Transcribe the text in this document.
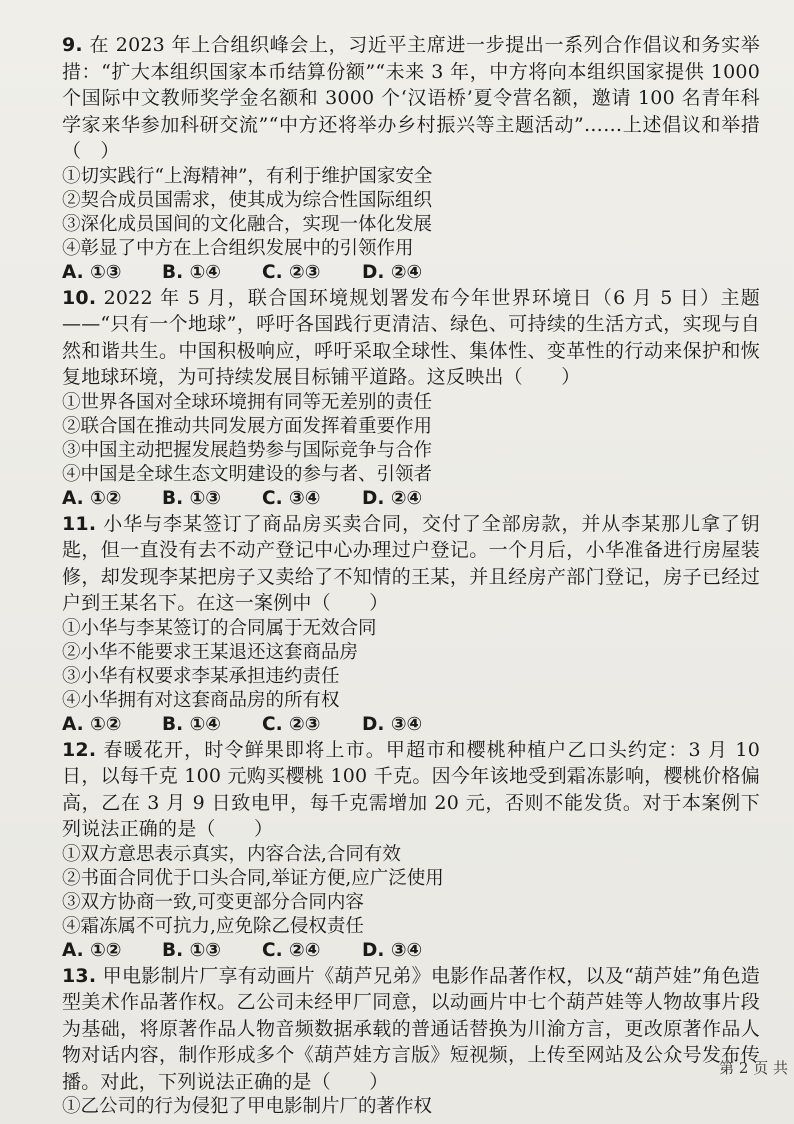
9. 在 2023 年上合组织峰会上，习近平主席进一步提出一系列合作倡议和务实举措：“扩大本组织国家本币结算份额”“未来 3 年，中方将向本组织国家提供 1000 个国际中文教师奖学金名额和 3000 个‘汉语桥’夏令营名额，邀请 100 名青年科学家来华参加科研交流”“中方还将举办乡村振兴等主题活动”……上述倡议和举措（　）

①切实践行“上海精神”，有利于维护国家安全

②契合成员国需求，使其成为综合性国际组织

③深化成员国间的文化融合，实现一体化发展

④彰显了中方在上合组织发展中的引领作用

A. ①③	B. ①④	C. ②③	D. ②④

10. 2022 年 5 月，联合国环境规划署发布今年世界环境日（6 月 5 日）主题——“只有一个地球”，呼吁各国践行更清洁、绿色、可持续的生活方式，实现与自然和谐共生。中国积极响应，呼吁采取全球性、集体性、变革性的行动来保护和恢复地球环境，为可持续发展目标铺平道路。这反映出（　　）

①世界各国对全球环境拥有同等无差别的责任

②联合国在推动共同发展方面发挥着重要作用

③中国主动把握发展趋势参与国际竞争与合作

④中国是全球生态文明建设的参与者、引领者

A. ①②	B. ①③	C. ③④	D. ②④

11. 小华与李某签订了商品房买卖合同，交付了全部房款，并从李某那儿拿了钥匙，但一直没有去不动产登记中心办理过户登记。一个月后，小华准备进行房屋装修，却发现李某把房子又卖给了不知情的王某，并且经房产部门登记，房子已经过户到王某名下。在这一案例中（　　）

①小华与李某签订的合同属于无效合同

②小华不能要求王某退还这套商品房

③小华有权要求李某承担违约责任

④小华拥有对这套商品房的所有权

A. ①②	B. ①④	C. ②③	D. ③④

12. 春暖花开，时令鲜果即将上市。甲超市和樱桃种植户乙口头约定：3 月 10 日，以每千克 100 元购买樱桃 100 千克。因今年该地受到霜冻影响，樱桃价格偏高，乙在 3 月 9 日致电甲，每千克需增加 20 元，否则不能发货。对于本案例下列说法正确的是（　　）

①双方意思表示真实，内容合法,合同有效

②书面合同优于口头合同,举证方便,应广泛使用

③双方协商一致,可变更部分合同内容

④霜冻属不可抗力,应免除乙侵权责任

A. ①②	B. ①③	C. ②④	D. ③④

13. 甲电影制片厂享有动画片《葫芦兄弟》电影作品著作权，以及“葫芦娃”角色造型美术作品著作权。乙公司未经甲厂同意，以动画片中七个葫芦娃等人物故事片段为基础，将原著作品人物音频数据承载的普通话替换为川渝方言，更改原著作品人物对话内容，制作形成多个《葫芦娃方言版》短视频，上传至网站及公众号发布传播。对此，下列说法正确的是（　　）

①乙公司的行为侵犯了甲电影制片厂的著作权

第 2 页 共
